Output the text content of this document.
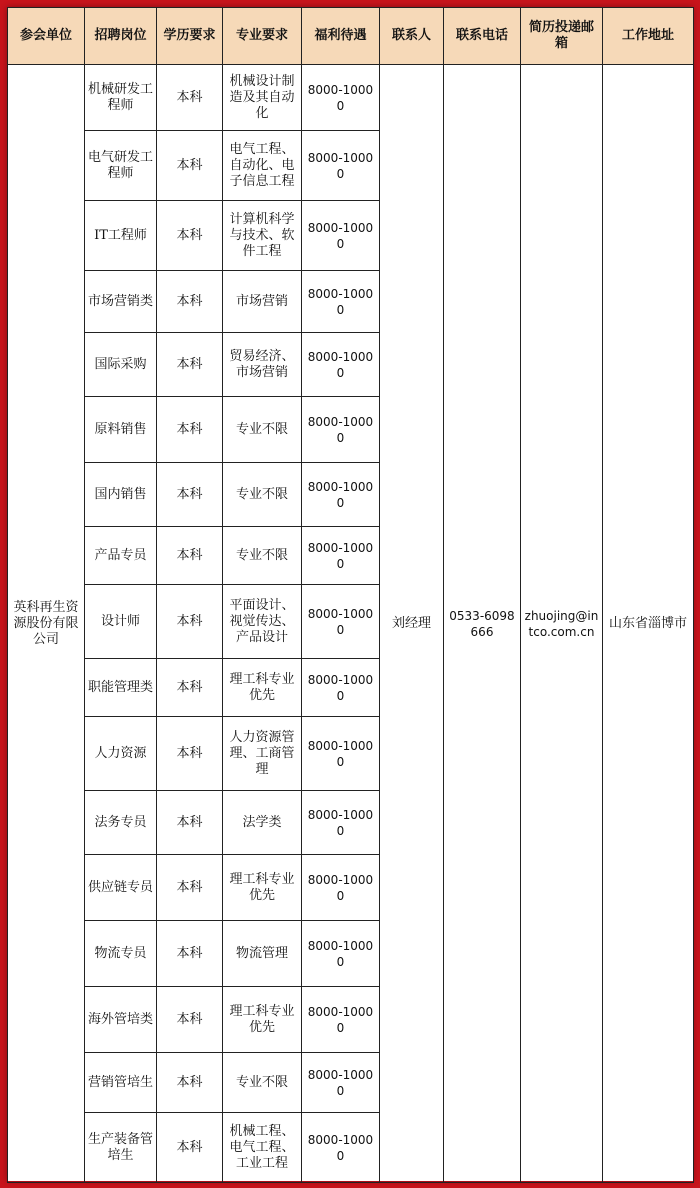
参会单位	招聘岗位	学历要求	专业要求	福利待遇	联系人	联系电话	简历投递邮箱	工作地址
英科再生资源股份有限公司	机械研发工程师	本科	机械设计制造及其自动化	8000-10000	刘经理	0533-6098666	zhuojing@intco.com.cn	山东省淄博市
	电气研发工程师	本科	电气工程、自动化、电子信息工程	8000-10000				
	IT工程师	本科	计算机科学与技术、软件工程	8000-10000				
	市场营销类	本科	市场营销	8000-10000				
	国际采购	本科	贸易经济、市场营销	8000-10000				
	原料销售	本科	专业不限	8000-10000				
	国内销售	本科	专业不限	8000-10000				
	产品专员	本科	专业不限	8000-10000				
	设计师	本科	平面设计、视觉传达、产品设计	8000-10000				
	职能管理类	本科	理工科专业优先	8000-10000				
	人力资源	本科	人力资源管理、工商管理	8000-10000				
	法务专员	本科	法学类	8000-10000				
	供应链专员	本科	理工科专业优先	8000-10000				
	物流专员	本科	物流管理	8000-10000				
	海外管培类	本科	理工科专业优先	8000-10000				
	营销管培生	本科	专业不限	8000-10000				
	生产装备管培生	本科	机械工程、电气工程、工业工程	8000-10000				
